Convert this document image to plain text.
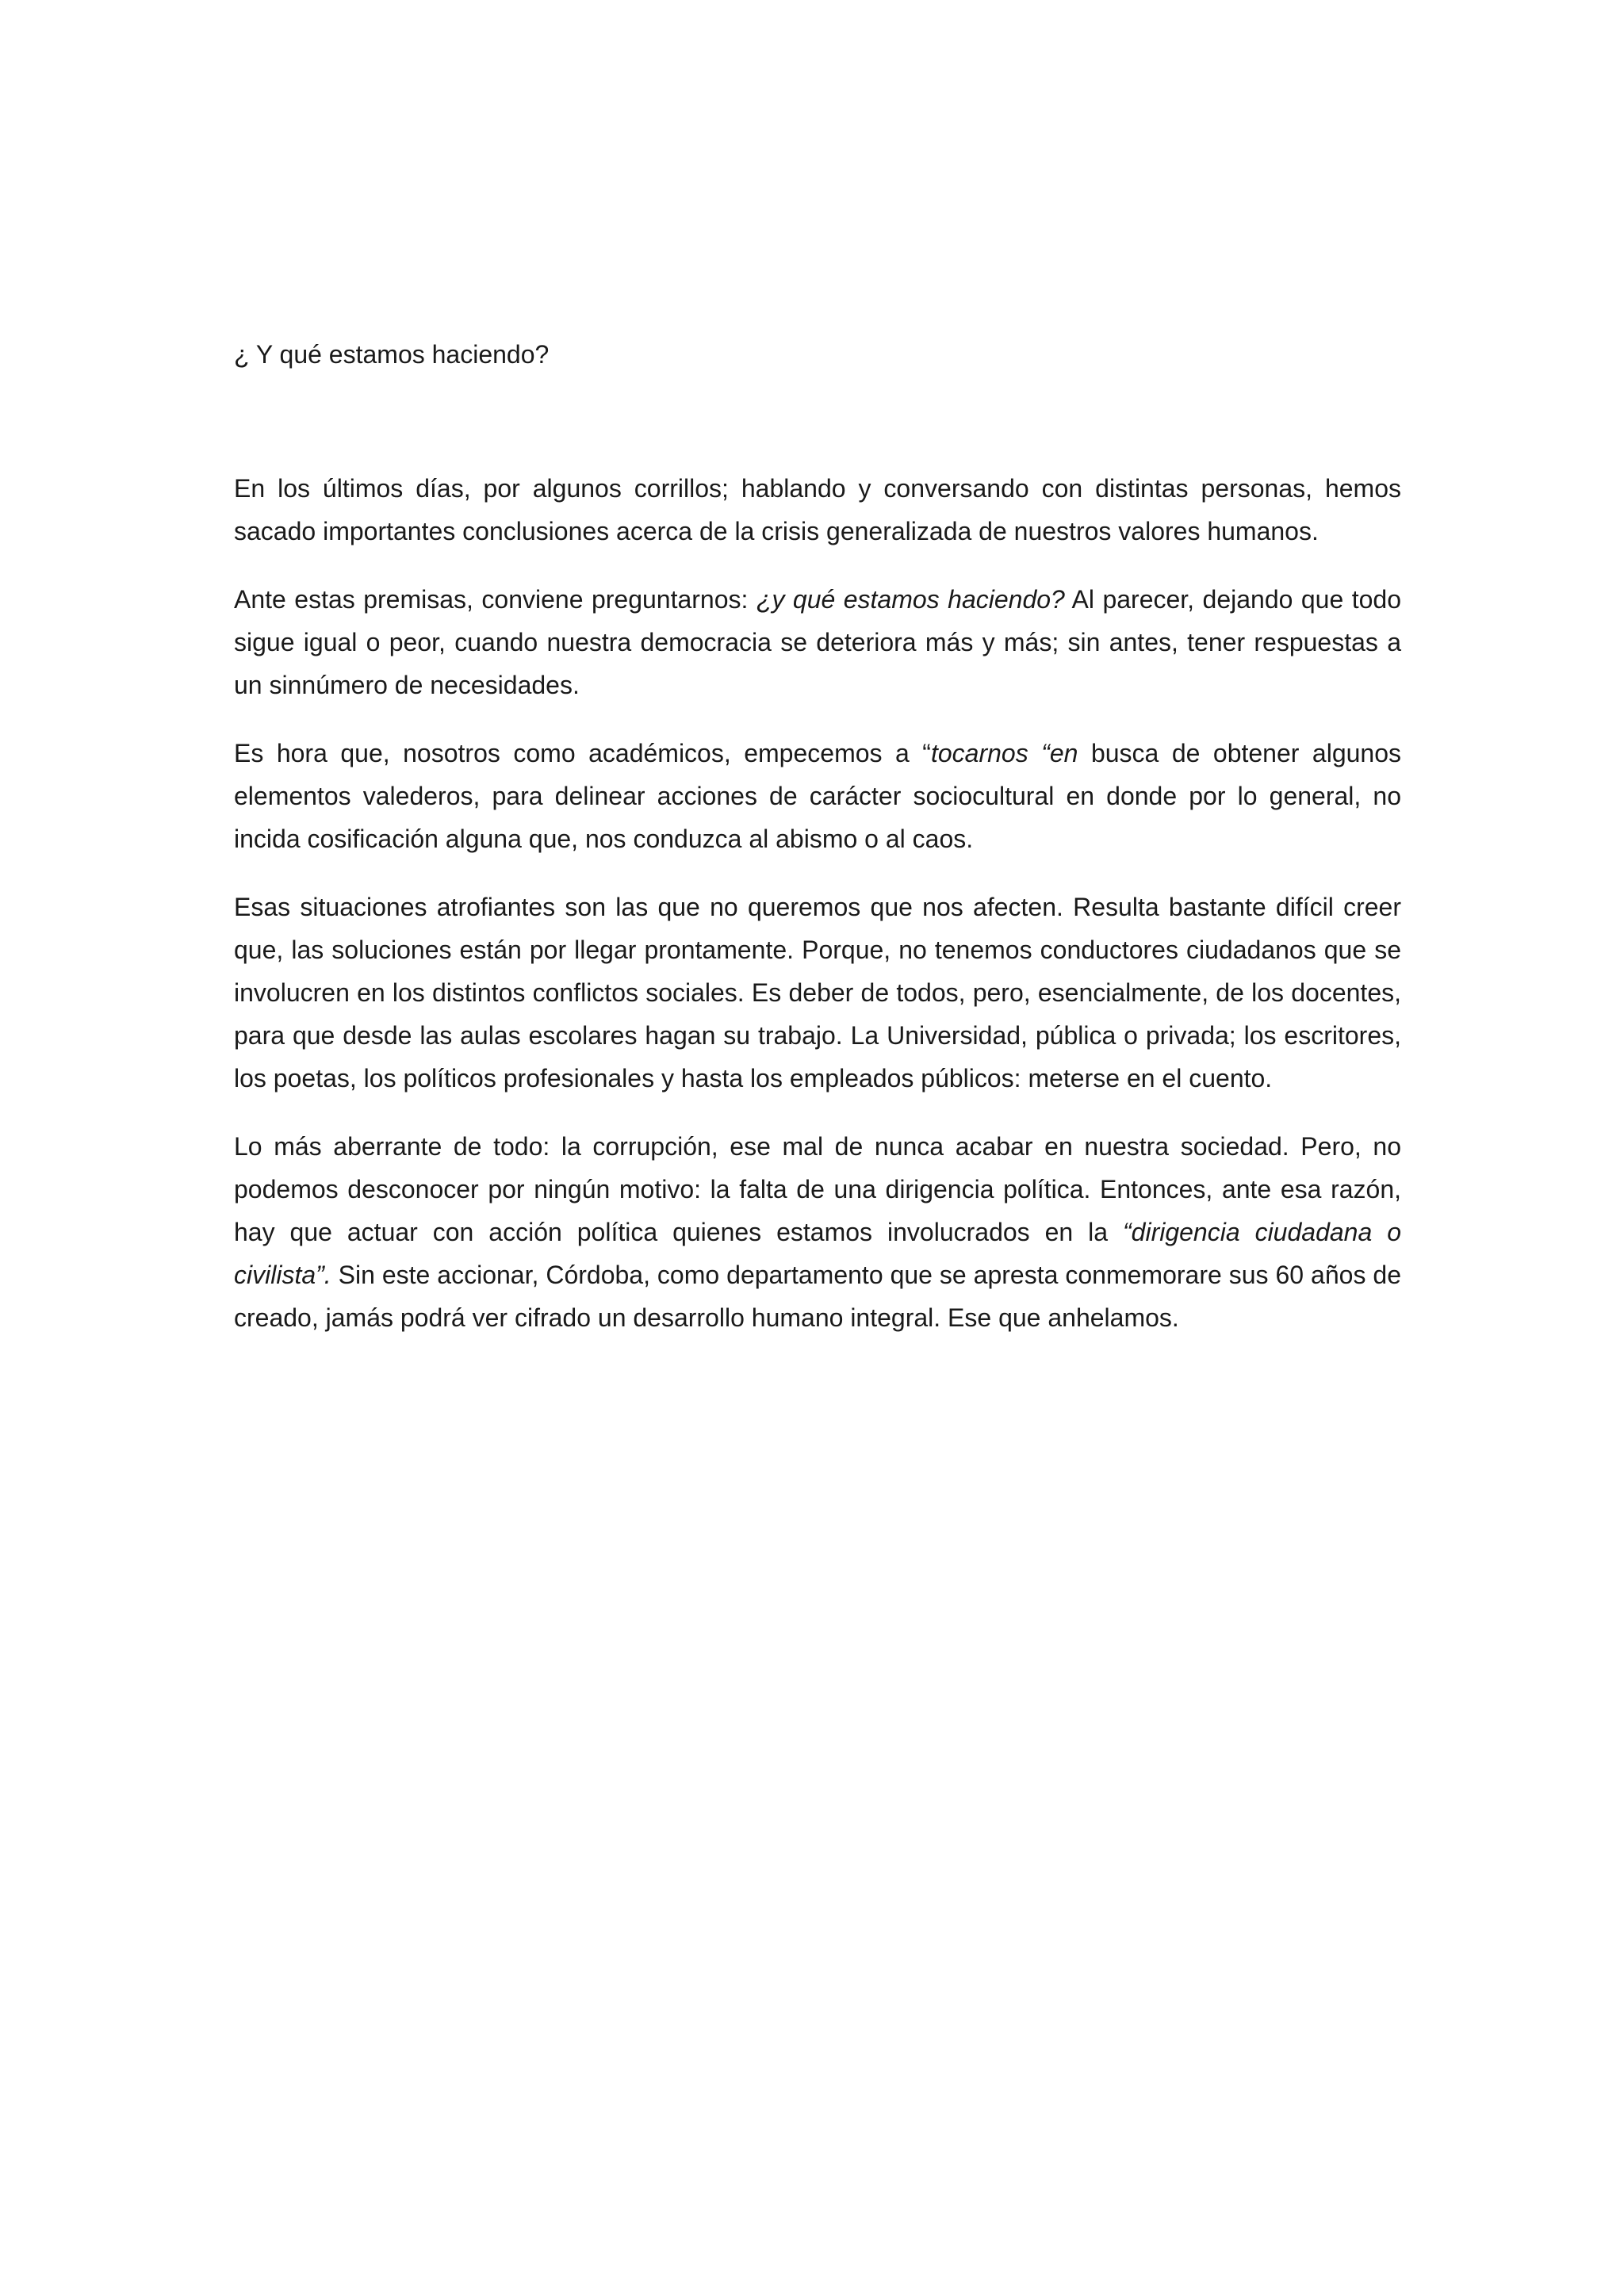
¿ Y qué estamos haciendo?

En los últimos días, por algunos corrillos; hablando y conversando con distintas personas, hemos sacado importantes conclusiones acerca de la crisis generalizada de nuestros valores humanos.

Ante estas premisas, conviene preguntarnos: ¿y qué estamos haciendo? Al parecer, dejando que todo sigue igual o peor, cuando nuestra democracia se deteriora más y más; sin antes, tener respuestas a un sinnúmero de necesidades.

Es hora que, nosotros como académicos, empecemos a “tocarnos “en busca de obtener algunos elementos valederos, para delinear acciones de carácter sociocultural en donde por lo general, no incida cosificación alguna que, nos conduzca al abismo o al caos.

Esas situaciones atrofiantes son las que no queremos que nos afecten. Resulta bastante difícil creer que, las soluciones están por llegar prontamente. Porque, no tenemos conductores ciudadanos que se involucren en los distintos conflictos sociales. Es deber de todos, pero, esencialmente, de los docentes, para que desde las aulas escolares hagan su trabajo. La Universidad, pública o privada; los escritores, los poetas, los políticos profesionales y hasta los empleados públicos: meterse en el cuento.

Lo más aberrante de todo: la corrupción, ese mal de nunca acabar en nuestra sociedad. Pero, no podemos desconocer por ningún motivo: la falta de una dirigencia política. Entonces, ante esa razón, hay que actuar con acción política quienes estamos involucrados en la “dirigencia ciudadana o civilista”. Sin este accionar, Córdoba, como departamento que se apresta conmemorare sus 60 años de creado, jamás podrá ver cifrado un desarrollo humano integral. Ese que anhelamos.
